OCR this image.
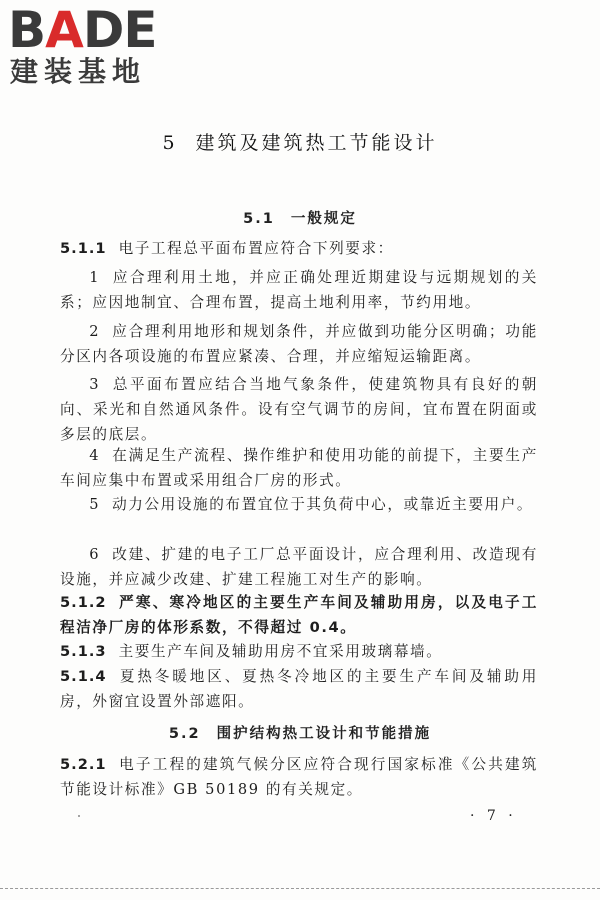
BADE
建装基地
5 建筑及建筑热工节能设计
5.1 一般规定
5.1.1 电子工程总平面布置应符合下列要求：
1 应合理利用土地，并应正确处理近期建设与远期规划的关系；应因地制宜、合理布置，提高土地利用率，节约用地。
2 应合理利用地形和规划条件，并应做到功能分区明确；功能分区内各项设施的布置应紧凑、合理，并应缩短运输距离。
3 总平面布置应结合当地气象条件，使建筑物具有良好的朝向、采光和自然通风条件。设有空气调节的房间，宜布置在阴面或多层的底层。
4 在满足生产流程、操作维护和使用功能的前提下，主要生产车间应集中布置或采用组合厂房的形式。
5 动力公用设施的布置宜位于其负荷中心，或靠近主要用户。
6 改建、扩建的电子工厂总平面设计，应合理利用、改造现有设施，并应减少改建、扩建工程施工对生产的影响。
5.1.2 严寒、寒冷地区的主要生产车间及辅助用房，以及电子工程洁净厂房的体形系数，不得超过 0.4。
5.1.3 主要生产车间及辅助用房不宜采用玻璃幕墙。
5.1.4 夏热冬暖地区、夏热冬冷地区的主要生产车间及辅助用房，外窗宜设置外部遮阳。
5.2 围护结构热工设计和节能措施
5.2.1 电子工程的建筑气候分区应符合现行国家标准《公共建筑节能设计标准》GB 50189 的有关规定。
· 7 ·
